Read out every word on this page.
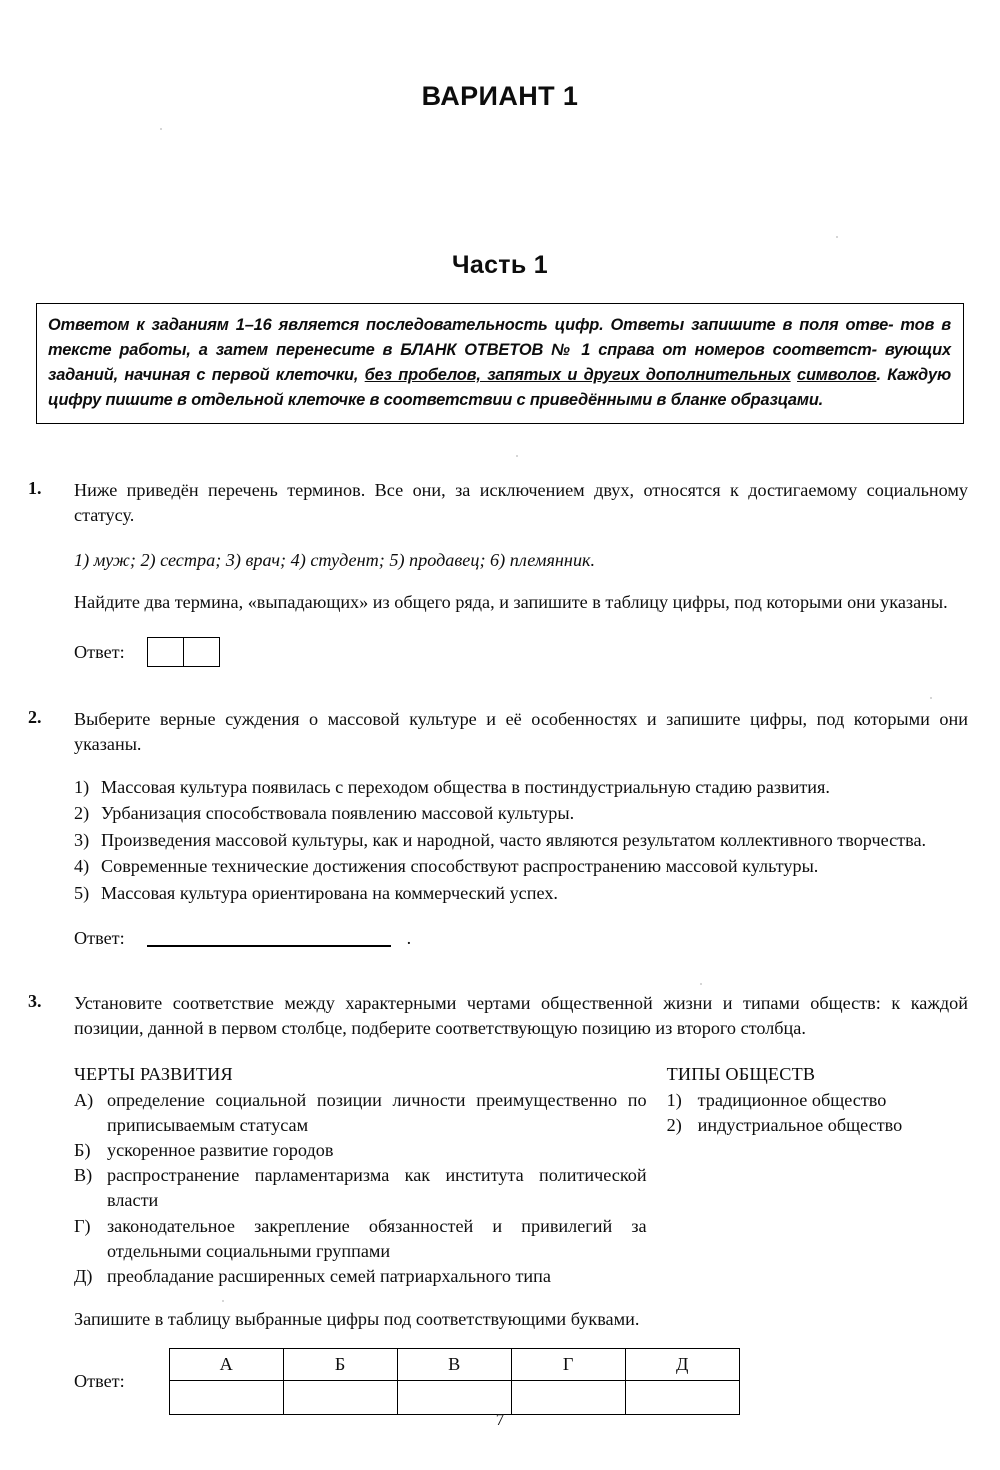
ВАРИАНТ 1
Часть 1

Ответом к заданиям 1–16 является последовательность цифр. Ответы запишите в поля отве- тов в тексте работы, а затем перенесите в БЛАНК ОТВЕТОВ № 1 справа от номеров соответст- вующих заданий, начиная с первой клеточки, без пробелов, запятых и других дополнительных символов. Каждую цифру пишите в отдельной клеточке в соответствии с приведёнными в бланке образцами.

1.	Ниже приведён перечень терминов. Все они, за исключением двух, относятся к достигаемому социальному статусу.

1) муж; 2) сестра; 3) врач; 4) студент; 5) продавец; 6) племянник.

Найдите два термина, «выпадающих» из общего ряда, и запишите в таблицу цифры, под которыми они указаны.

Ответ:
2.	Выберите верные суждения о массовой культуре и её особенностях и запишите цифры, под которыми они указаны.

1) Массовая культура появилась с переходом общества в постиндустриальную стадию развития.
2) Урбанизация способствовала появлению массовой культуры.
3) Произведения массовой культуры, как и народной, часто являются результатом коллективного творчества.
4) Современные технические достижения способствуют распространению массовой культуры.
5) Массовая культура ориентирована на коммерческий успех.
Ответ:	.
3.	Установите соответствие между характерными чертами общественной жизни и типами обществ: к каждой позиции, данной в первом столбце, подберите соответствующую позицию из второго столбца.

ЧЕРТЫ РАЗВИТИЯ

А) определение социальной позиции личности преимущественно по приписываемым статусам
Б) ускоренное развитие городов
В) распространение парламентаризма как института политической власти
Г) законодательное закрепление обязанностей и привилегий за отдельными социальными группами
Д) преобладание расширенных семей патриархального типа

ТИПЫ ОБЩЕСТВ

1) традиционное общество
2) индустриальное общество

Запишите в таблицу выбранные цифры под соответствующими буквами.

Ответ:
А	Б	В	Г	Д

7
